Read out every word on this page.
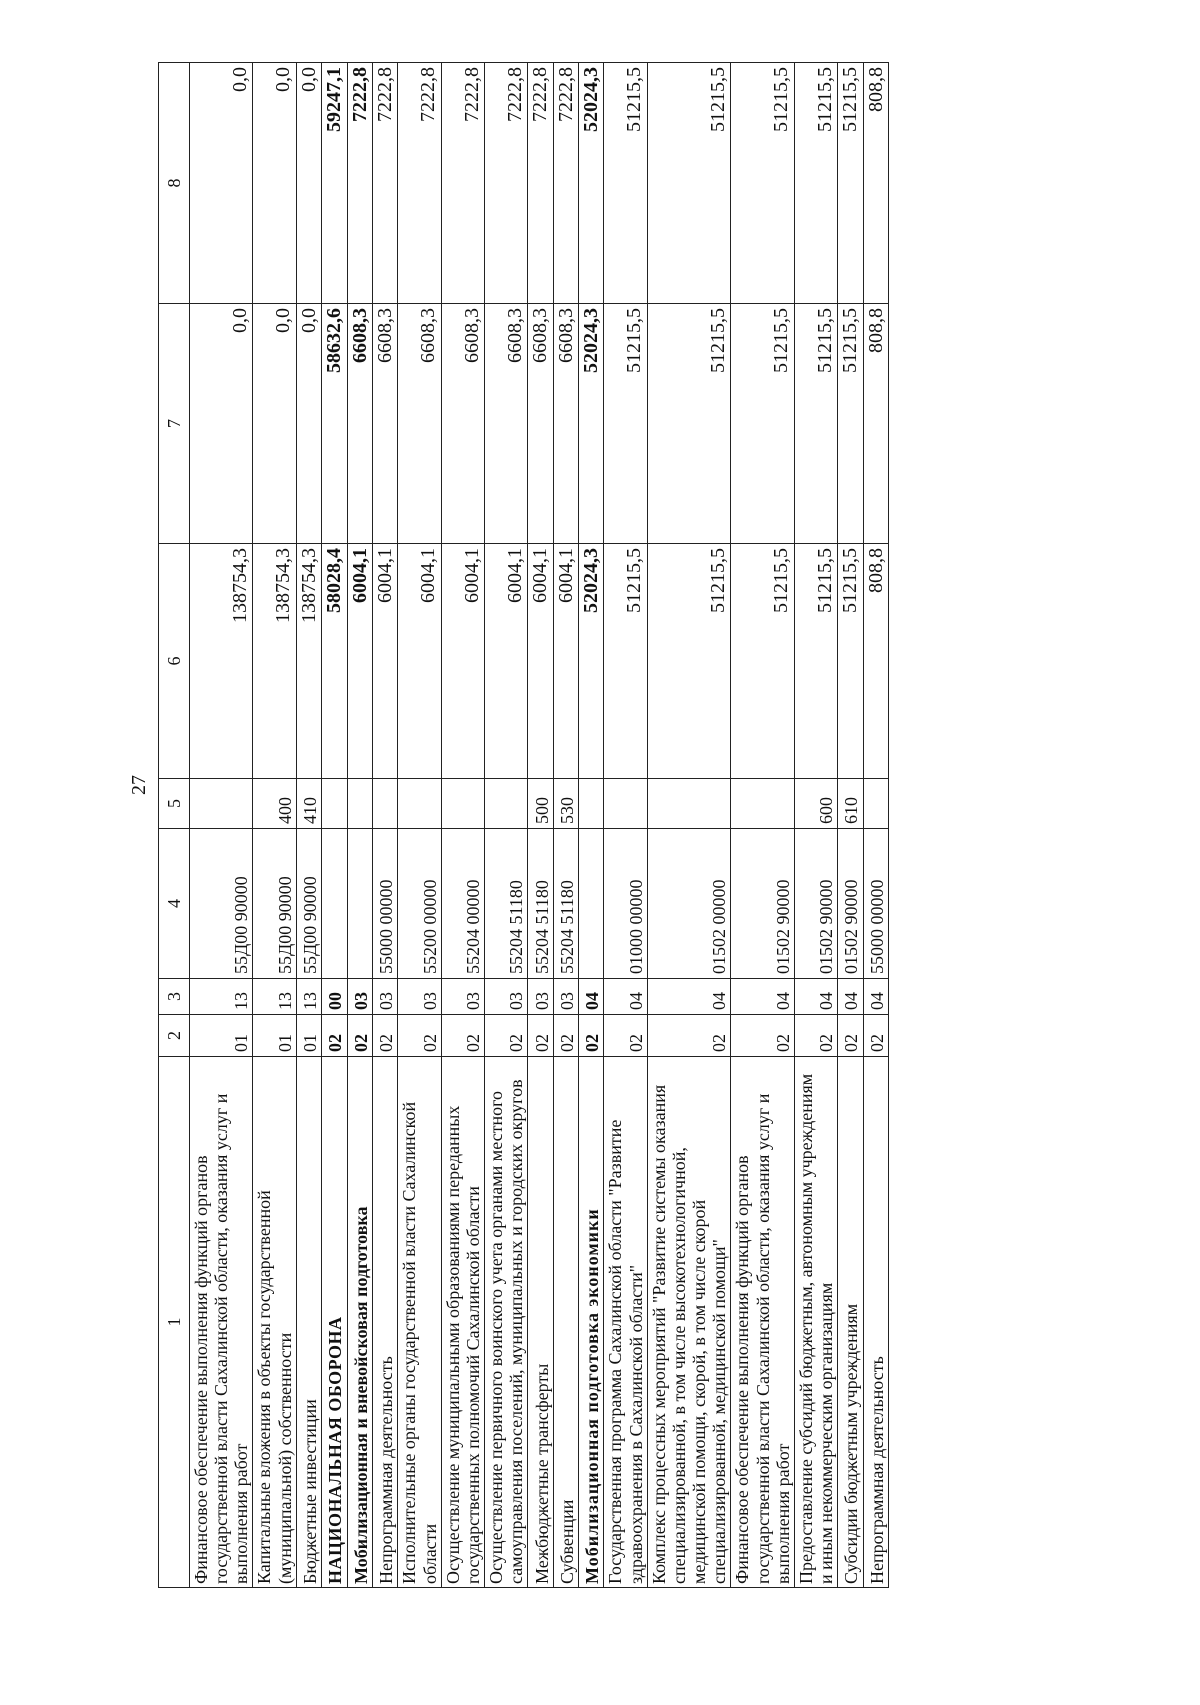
27
1	2	3	4	5	6	7	8
Финансовое обеспечение выполнения функций органов государственной власти Сахалинской области, оказания услуг и выполнения работ	01	13	55Д00 90000		138754,3	0,0	0,0
Капитальные вложения в объекты государственной (муниципальной) собственности	01	13	55Д00 90000	400	138754,3	0,0	0,0
Бюджетные инвестиции	01	13	55Д00 90000	410	138754,3	0,0	0,0
НАЦИОНАЛЬНАЯ ОБОРОНА	02	00			58028,4	58632,6	59247,1
Мобилизационная и вневойсковая подготовка	02	03			6004,1	6608,3	7222,8
Непрограммная деятельность	02	03	55000 00000		6004,1	6608,3	7222,8
Исполнительные органы государственной власти Сахалинской области	02	03	55200 00000		6004,1	6608,3	7222,8
Осуществление муниципальными образованиями переданных государственных полномочий Сахалинской области	02	03	55204 00000		6004,1	6608,3	7222,8
Осуществление первичного воинского учета органами местного самоуправления поселений, муниципальных и городских округов	02	03	55204 51180		6004,1	6608,3	7222,8
Межбюджетные трансферты	02	03	55204 51180	500	6004,1	6608,3	7222,8
Субвенции	02	03	55204 51180	530	6004,1	6608,3	7222,8
Мобилизационная подготовка экономики	02	04			52024,3	52024,3	52024,3
Государственная программа Сахалинской области "Развитие здравоохранения в Сахалинской области"	02	04	01000 00000		51215,5	51215,5	51215,5
Комплекс процессных мероприятий "Развитие системы оказания специализированной, в том числе высокотехнологичной, медицинской помощи, скорой, в том числе скорой специализированной, медицинской помощи"	02	04	01502 00000		51215,5	51215,5	51215,5
Финансовое обеспечение выполнения функций органов государственной власти Сахалинской области, оказания услуг и выполнения работ	02	04	01502 90000		51215,5	51215,5	51215,5
Предоставление субсидий бюджетным, автономным учреждениям и иным некоммерческим организациям	02	04	01502 90000	600	51215,5	51215,5	51215,5
Субсидии бюджетным учреждениям	02	04	01502 90000	610	51215,5	51215,5	51215,5
Непрограммная деятельность	02	04	55000 00000		808,8	808,8	808,8
